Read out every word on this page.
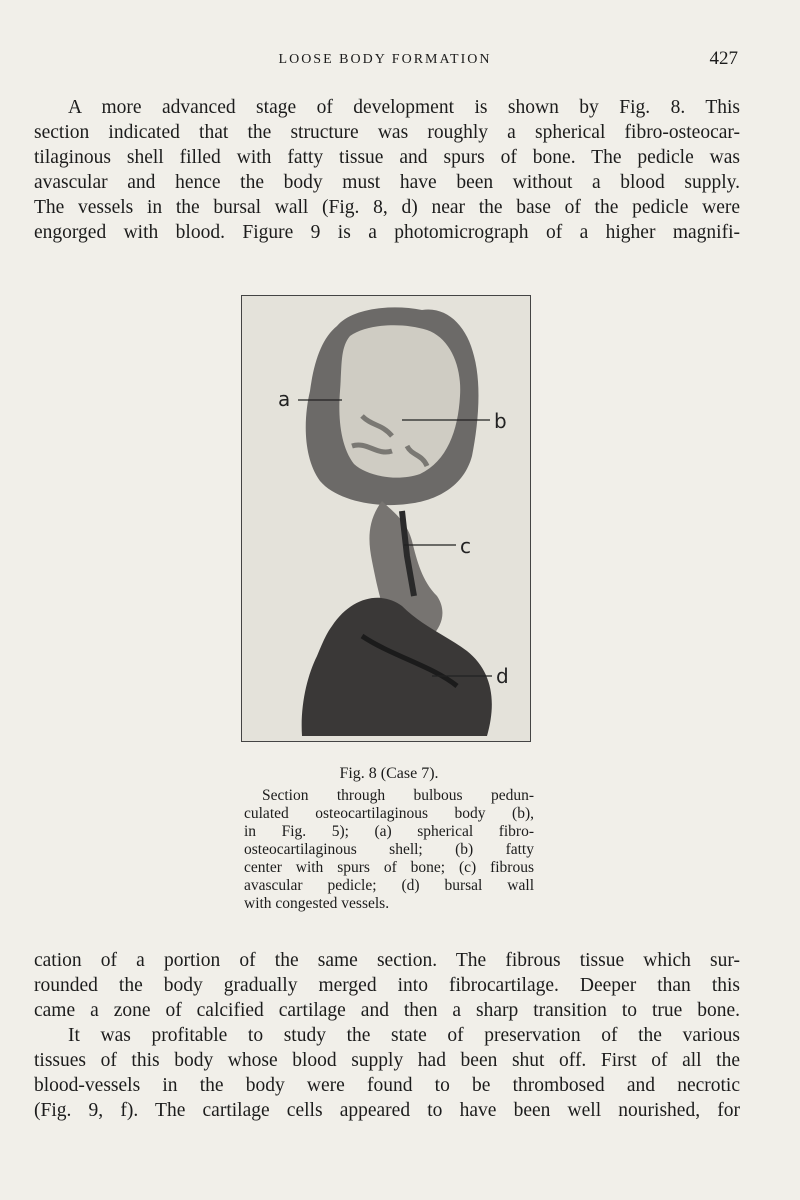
LOOSE BODY FORMATION	427
A more advanced stage of development is shown by Fig. 8. This
section indicated that the structure was roughly a spherical fibro-osteocar-
tilaginous shell filled with fatty tissue and spurs of bone. The pedicle was
avascular and hence the body must have been without a blood supply.
The vessels in the bursal wall (Fig. 8, d) near the base of the pedicle were
engorged with blood. Figure 9 is a photomicrograph of a higher magnifi-
a
b
c
d
Fig. 8 (Case 7).
Section through bulbous pedun-
culated osteocartilaginous body (b),
in Fig. 5); (a) spherical fibro-
osteocartilaginous shell; (b) fatty
center with spurs of bone; (c) fibrous
avascular pedicle; (d) bursal wall
with congested vessels.
cation of a portion of the same section. The fibrous tissue which sur-
rounded the body gradually merged into fibrocartilage. Deeper than this
came a zone of calcified cartilage and then a sharp transition to true bone.
It was profitable to study the state of preservation of the various
tissues of this body whose blood supply had been shut off. First of all the
blood-vessels in the body were found to be thrombosed and necrotic
(Fig. 9, f). The cartilage cells appeared to have been well nourished, for
